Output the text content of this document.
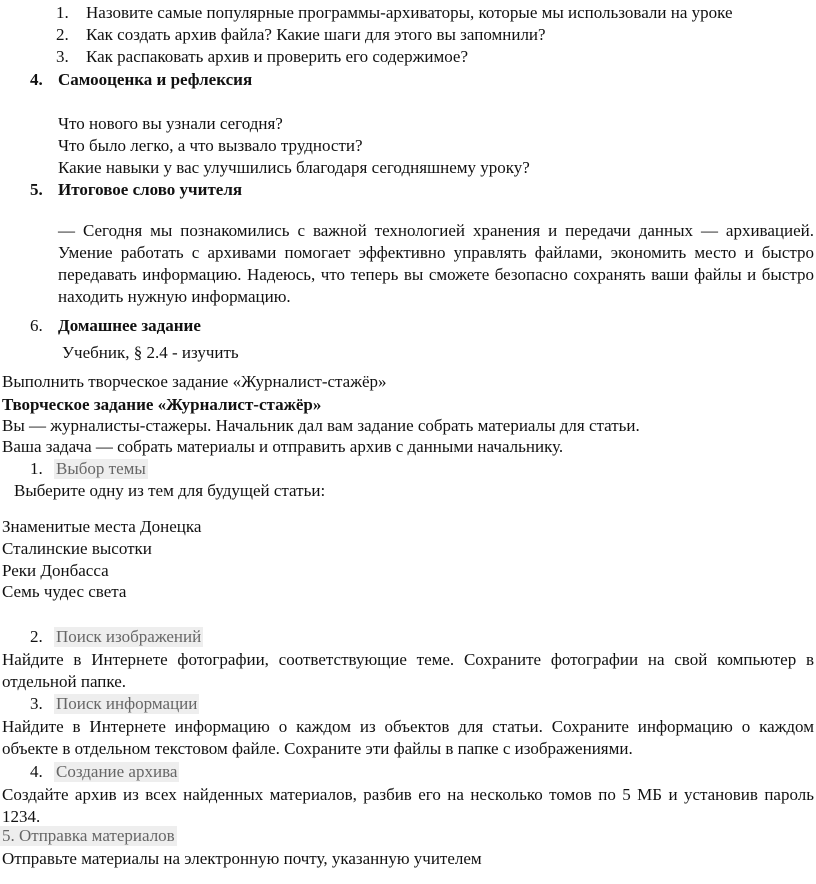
1. Назовите самые популярные программы-архиваторы, которые мы использовали на уроке
2. Как создать архив файла? Какие шаги для этого вы запомнили?
3. Как распаковать архив и проверить его содержимое?
4. Самооценка и рефлексия
Что нового вы узнали сегодня?
Что было легко, а что вызвало трудности?
Какие навыки у вас улучшились благодаря сегодняшнему уроку?
5. Итоговое слово учителя
— Сегодня мы познакомились с важной технологией хранения и передачи данных — архивацией. Умение работать с архивами помогает эффективно управлять файлами, экономить место и быстро передавать информацию. Надеюсь, что теперь вы сможете безопасно сохранять ваши файлы и быстро находить нужную информацию.
6. Домашнее задание
Учебник, § 2.4 - изучить
Выполнить творческое задание «Журналист-стажёр»
Творческое задание «Журналист-стажёр»
Вы — журналисты-стажеры. Начальник дал вам задание собрать материалы для статьи.
Ваша задача — собрать материалы и отправить архив с данными начальнику.
1. Выбор темы
Выберите одну из тем для будущей статьи:
Знаменитые места Донецка
Сталинские высотки
Реки Донбасса
Семь чудес света
2. Поиск изображений
Найдите в Интернете фотографии, соответствующие теме. Сохраните фотографии на свой компьютер в отдельной папке.
3. Поиск информации
Найдите в Интернете информацию о каждом из объектов для статьи. Сохраните информацию о каждом объекте в отдельном текстовом файле. Сохраните эти файлы в папке с изображениями.
4. Создание архива
Создайте архив из всех найденных материалов, разбив его на несколько томов по 5 МБ и установив пароль 1234.
5. Отправка материалов
Отправьте материалы на электронную почту, указанную учителем
